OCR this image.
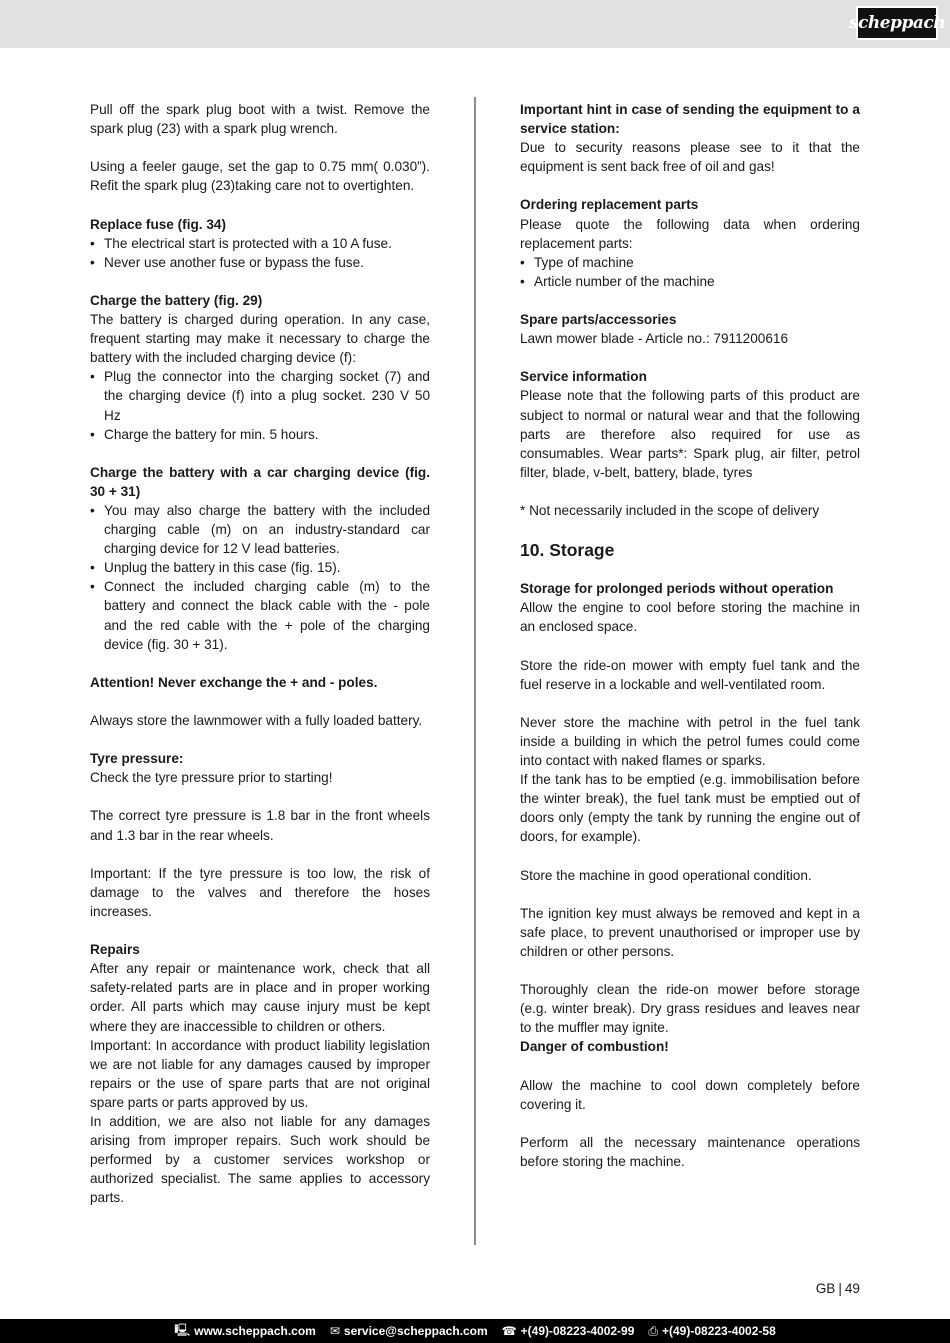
scheppach

Pull off the spark plug boot with a twist. Remove the spark plug (23) with a spark plug wrench.

Using a feeler gauge, set the gap to 0.75 mm( 0.030”). Refit the spark plug (23)taking care not to overtighten.

Replace fuse (fig. 34)

• The electrical start is protected with a 10 A fuse.
• Never use another fuse or bypass the fuse.

Charge the battery (fig. 29)

The battery is charged during operation. In any case, frequent starting may make it necessary to charge the battery with the included charging device (f):

• Plug the connector into the charging socket (7) and the charging device (f) into a plug socket. 230 V 50 Hz
• Charge the battery for min. 5 hours.

Charge the battery with a car charging device (fig. 30 + 31)

• You may also charge the battery with the included charging cable (m) on an industry-standard car charging device for 12 V lead batteries.
• Unplug the battery in this case (fig. 15).
• Connect the included charging cable (m) to the battery and connect the black cable with the - pole and the red cable with the + pole of the charging device (fig. 30 + 31).

Attention! Never exchange the + and - poles.

Always store the lawnmower with a fully loaded battery.

Tyre pressure:

Check the tyre pressure prior to starting!

The correct tyre pressure is 1.8 bar in the front wheels and 1.3 bar in the rear wheels.

Important: If the tyre pressure is too low, the risk of damage to the valves and therefore the hoses increases.

Repairs

After any repair or maintenance work, check that all safety-related parts are in place and in proper working order. All parts which may cause injury must be kept where they are inaccessible to children or others.

Important: In accordance with product liability legislation we are not liable for any damages caused by improper repairs or the use of spare parts that are not original spare parts or parts approved by us.

In addition, we are also not liable for any damages arising from improper repairs. Such work should be performed by a customer services workshop or authorized specialist. The same applies to accessory parts.

Important hint in case of sending the equipment to a service station:

Due to security reasons please see to it that the equipment is sent back free of oil and gas!

Ordering replacement parts

Please quote the following data when ordering replacement parts:

• Type of machine
• Article number of the machine

Spare parts/accessories

Lawn mower blade - Article no.: 7911200616

Service information

Please note that the following parts of this product are subject to normal or natural wear and that the following parts are therefore also required for use as consumables. Wear parts*: Spark plug, air filter, petrol filter, blade, v-belt, battery, blade, tyres

* Not necessarily included in the scope of delivery

10. Storage

Storage for prolonged periods without operation

Allow the engine to cool before storing the machine in an enclosed space.

Store the ride-on mower with empty fuel tank and the fuel reserve in a lockable and well-ventilated room.

Never store the machine with petrol in the fuel tank inside a building in which the petrol fumes could come into contact with naked flames or sparks.

If the tank has to be emptied (e.g. immobilisation before the winter break), the fuel tank must be emptied out of doors only (empty the tank by running the engine out of doors, for example).

Store the machine in good operational condition.

The ignition key must always be removed and kept in a safe place, to prevent unauthorised or improper use by children or other persons.

Thoroughly clean the ride-on mower before storage (e.g. winter break). Dry grass residues and leaves near to the muffler may ignite.

Danger of combustion!

Allow the machine to cool down completely before covering it.

Perform all the necessary maintenance operations before storing the machine.

GB | 49
🖳 www.scheppach.com ✉ service@scheppach.com ☎ +(49)-08223-4002-99 ⎙ +(49)-08223-4002-58
